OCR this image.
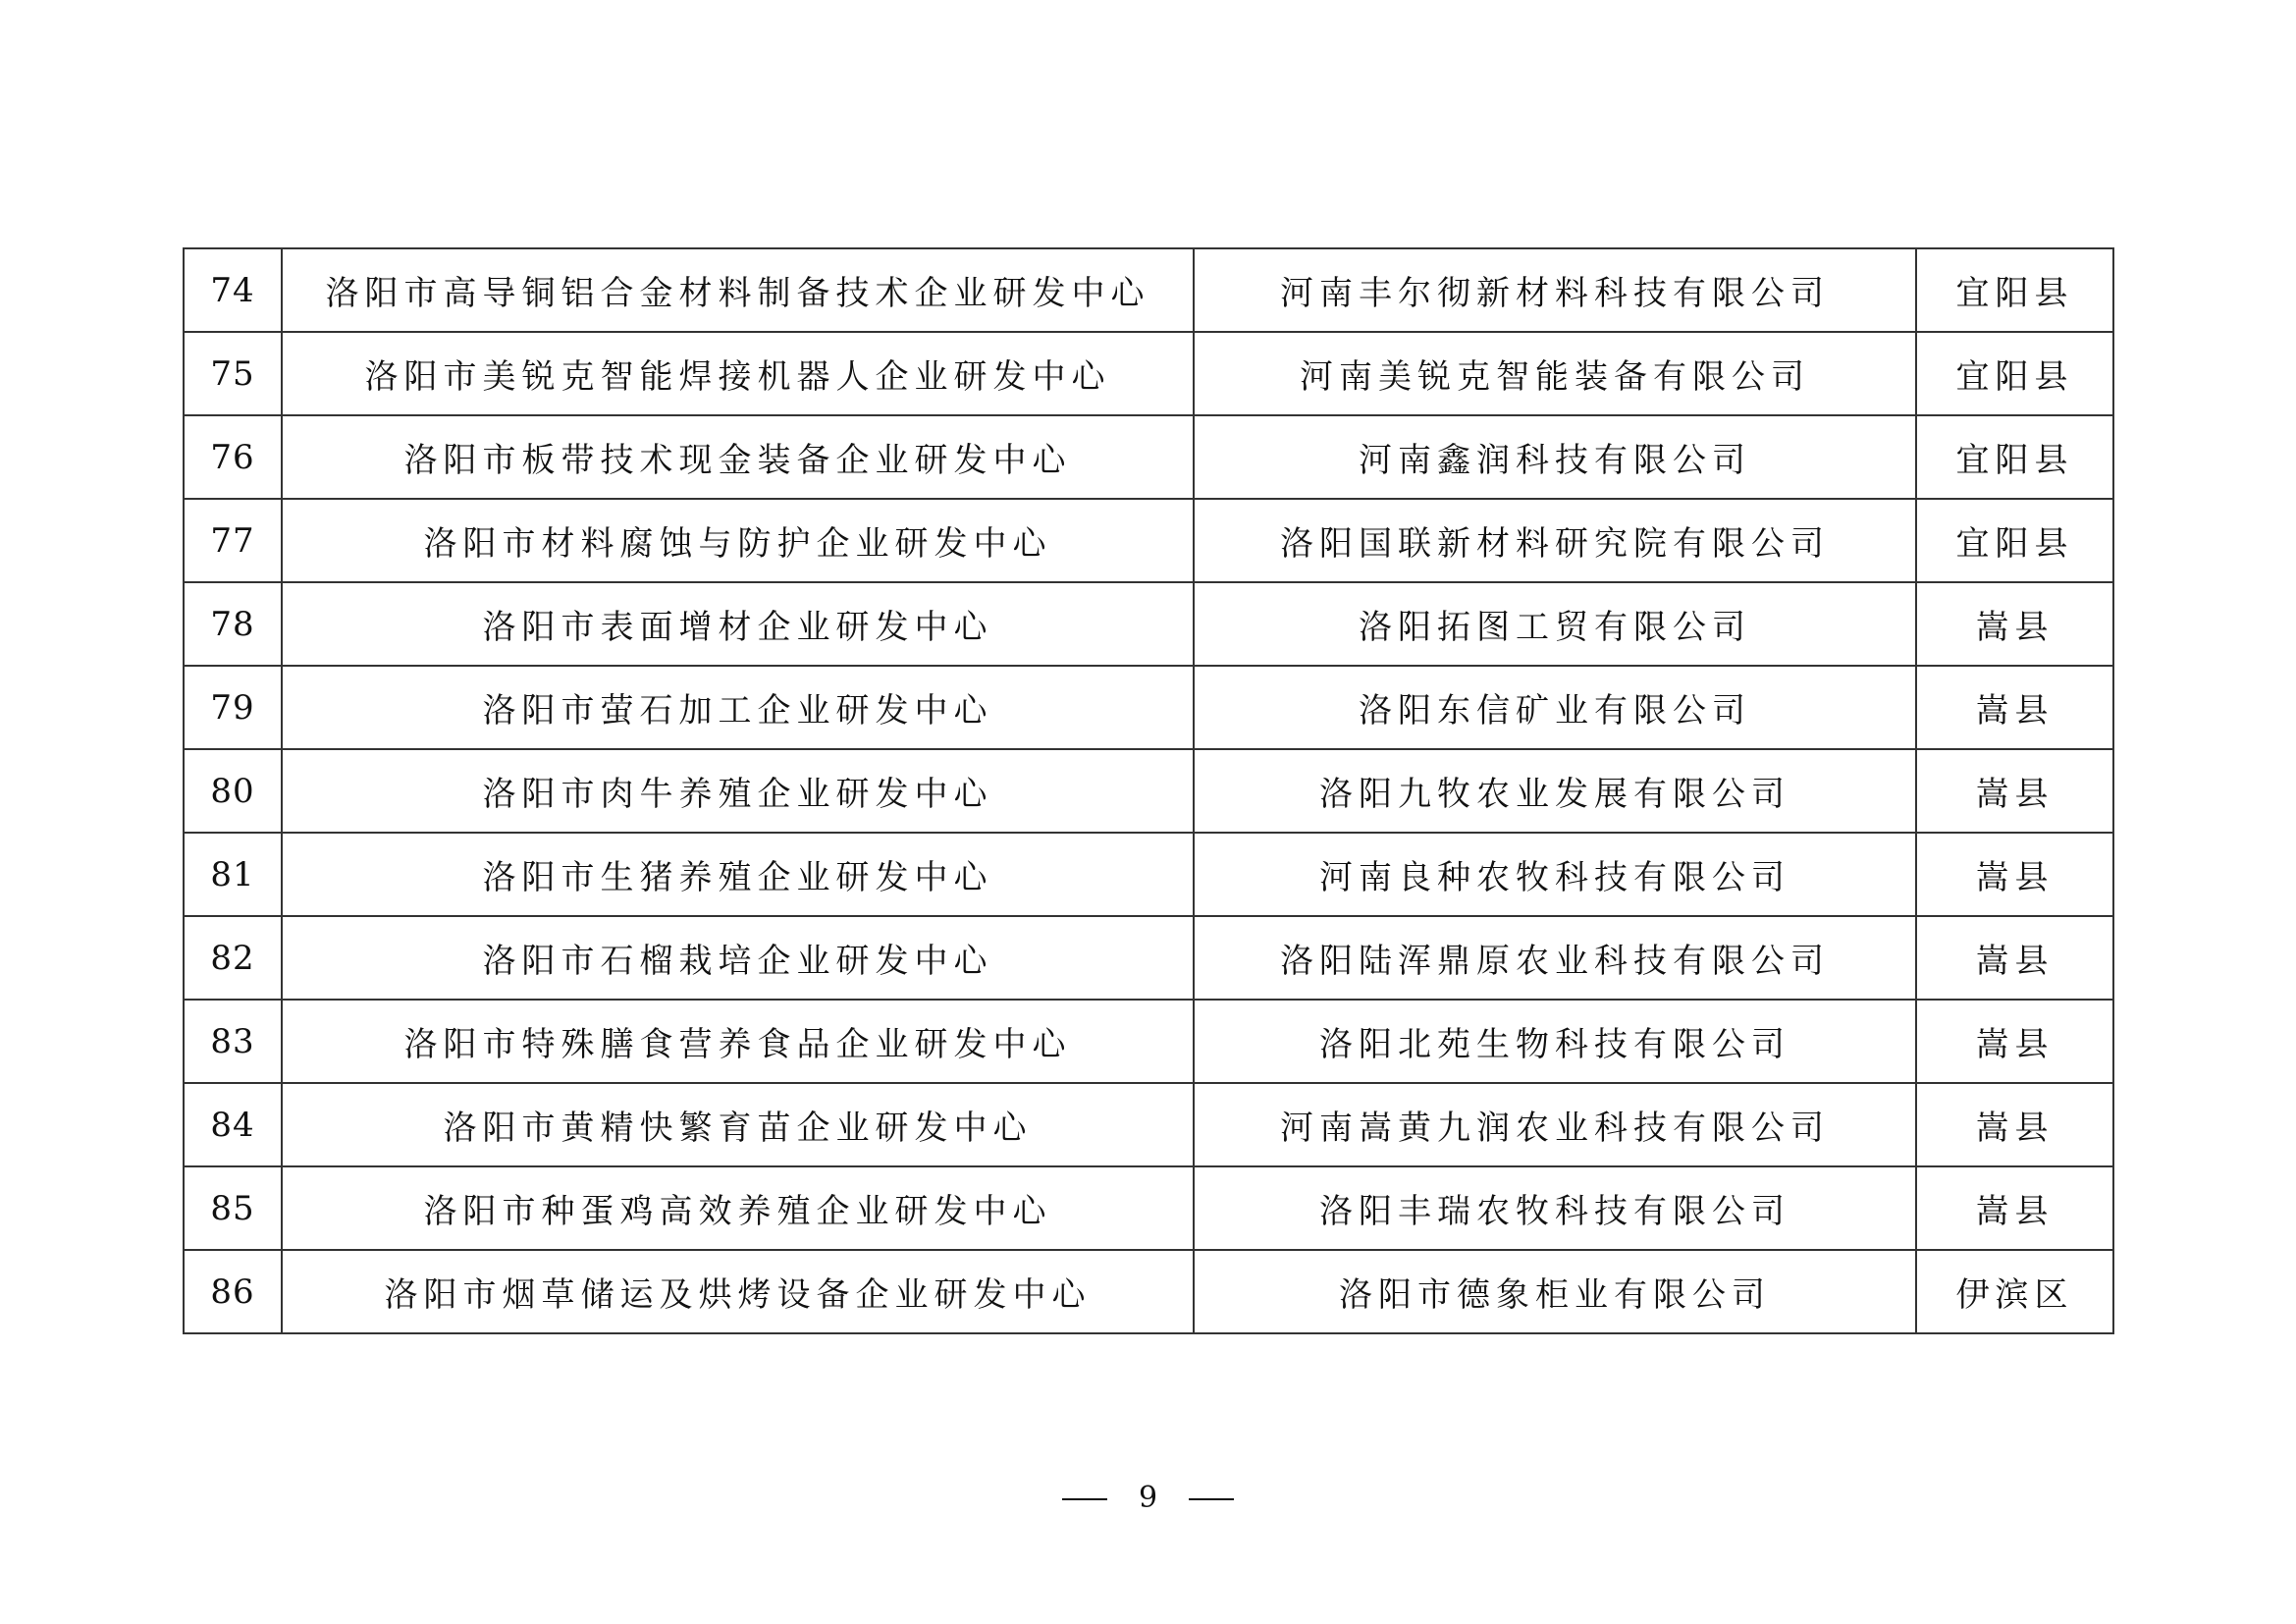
74	洛阳市高导铜铝合金材料制备技术企业研发中心	河南丰尔彻新材料科技有限公司	宜阳县
75	洛阳市美锐克智能焊接机器人企业研发中心	河南美锐克智能装备有限公司	宜阳县
76	洛阳市板带技术现金装备企业研发中心	河南鑫润科技有限公司	宜阳县
77	洛阳市材料腐蚀与防护企业研发中心	洛阳国联新材料研究院有限公司	宜阳县
78	洛阳市表面增材企业研发中心	洛阳拓图工贸有限公司	嵩县
79	洛阳市萤石加工企业研发中心	洛阳东信矿业有限公司	嵩县
80	洛阳市肉牛养殖企业研发中心	洛阳九牧农业发展有限公司	嵩县
81	洛阳市生猪养殖企业研发中心	河南良种农牧科技有限公司	嵩县
82	洛阳市石榴栽培企业研发中心	洛阳陆浑鼎原农业科技有限公司	嵩县
83	洛阳市特殊膳食营养食品企业研发中心	洛阳北苑生物科技有限公司	嵩县
84	洛阳市黄精快繁育苗企业研发中心	河南嵩黄九润农业科技有限公司	嵩县
85	洛阳市种蛋鸡高效养殖企业研发中心	洛阳丰瑞农牧科技有限公司	嵩县
86	洛阳市烟草储运及烘烤设备企业研发中心	洛阳市德象柜业有限公司	伊滨区
9
